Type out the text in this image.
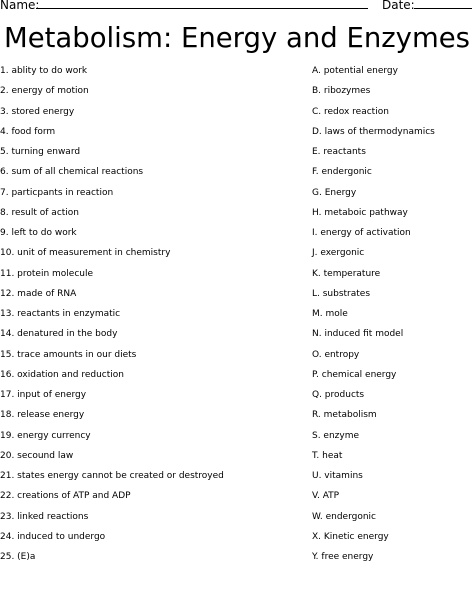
Name:	Date:
Metabolism: Energy and Enzymes
1. ablity to do work
2. energy of motion
3. stored energy
4. food form
5. turning enward
6. sum of all chemical reactions
7. particpants in reaction
8. result of action
9. left to do work
10. unit of measurement in chemistry
11. protein molecule
12. made of RNA
13. reactants in enzymatic
14. denatured in the body
15. trace amounts in our diets
16. oxidation and reduction
17. input of energy
18. release energy
19. energy currency
20. secound law
21. states energy cannot be created or destroyed
22. creations of ATP and ADP
23. linked reactions
24. induced to undergo
25. (E)a
A. potential energy
B. ribozymes
C. redox reaction
D. laws of thermodynamics
E. reactants
F. endergonic
G. Energy
H. metaboic pathway
I. energy of activation
J. exergonic
K. temperature
L. substrates
M. mole
N. induced fit model
O. entropy
P. chemical energy
Q. products
R. metabolism
S. enzyme
T. heat
U. vitamins
V. ATP
W. endergonic
X. Kinetic energy
Y. free energy
